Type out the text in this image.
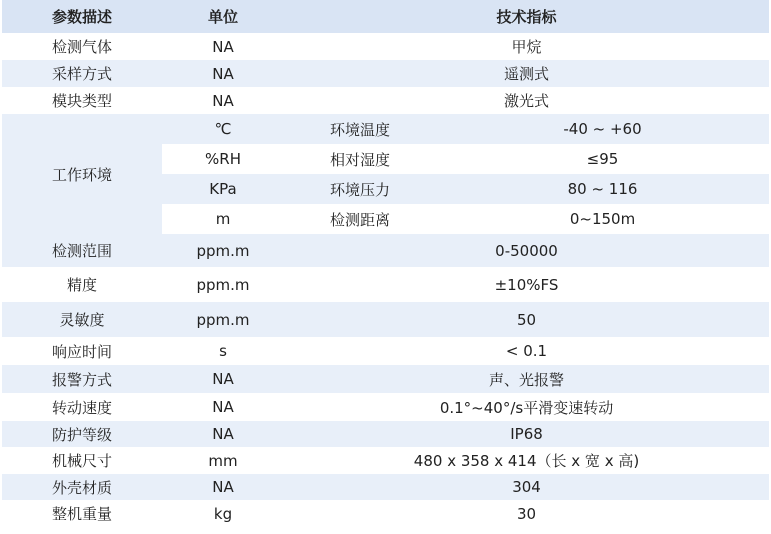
参数描述	单位	技术指标	
检测气体	NA	甲烷	
采样方式	NA	遥测式	
模块类型	NA	激光式	
工作环境	℃	环境温度	-40 ~ +60
	%RH	相对湿度	≤95
	KPa	环境压力	80 ~ 116
	m	检测距离	0~150m
检测范围	ppm.m	0-50000	
精度	ppm.m	±10%FS	
灵敏度	ppm.m	50	
响应时间	s	< 0.1	
报警方式	NA	声、光报警	
转动速度	NA	0.1°~40°/s平滑变速转动	
防护等级	NA	IP68	
机械尺寸	mm	480 x 358 x 414（长 x 宽 x 高)	
外壳材质	NA	304	
整机重量	kg	30	
